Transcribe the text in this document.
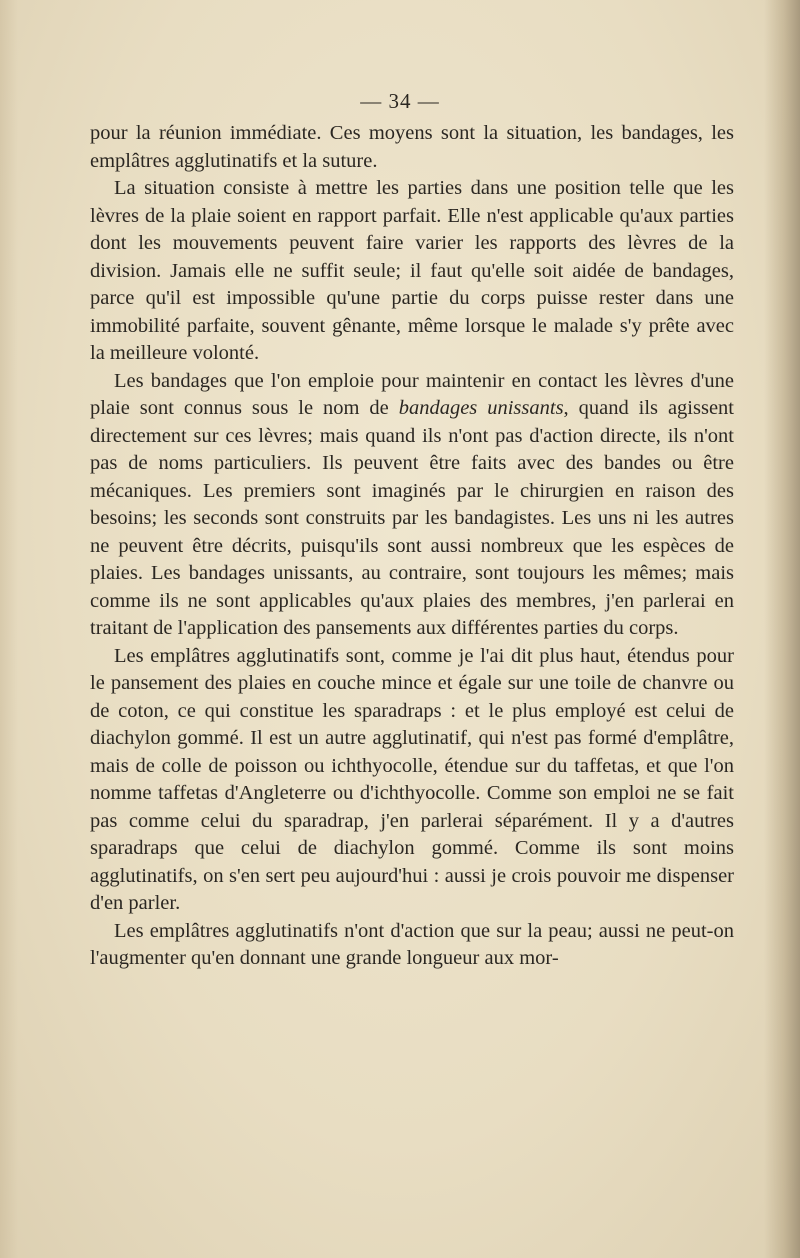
— 34 —

pour la réunion immédiate. Ces moyens sont la situation, les bandages, les emplâtres agglutinatifs et la suture.

La situation consiste à mettre les parties dans une position telle que les lèvres de la plaie soient en rapport parfait. Elle n'est applicable qu'aux parties dont les mouvements peuvent faire varier les rapports des lèvres de la division. Jamais elle ne suffit seule; il faut qu'elle soit aidée de bandages, parce qu'il est impossible qu'une partie du corps puisse rester dans une immobilité parfaite, souvent gênante, même lorsque le malade s'y prête avec la meilleure volonté.

Les bandages que l'on emploie pour maintenir en contact les lèvres d'une plaie sont connus sous le nom de bandages unissants, quand ils agissent directement sur ces lèvres; mais quand ils n'ont pas d'action directe, ils n'ont pas de noms particuliers. Ils peuvent être faits avec des bandes ou être mécaniques. Les premiers sont imaginés par le chirurgien en raison des besoins; les seconds sont construits par les bandagistes. Les uns ni les autres ne peuvent être décrits, puisqu'ils sont aussi nombreux que les espèces de plaies. Les bandages unissants, au contraire, sont toujours les mêmes; mais comme ils ne sont applicables qu'aux plaies des membres, j'en parlerai en traitant de l'application des pansements aux différentes parties du corps.

Les emplâtres agglutinatifs sont, comme je l'ai dit plus haut, étendus pour le pansement des plaies en couche mince et égale sur une toile de chanvre ou de coton, ce qui constitue les sparadraps : et le plus employé est celui de diachylon gommé. Il est un autre agglutinatif, qui n'est pas formé d'emplâtre, mais de colle de poisson ou ichthyocolle, étendue sur du taffetas, et que l'on nomme taffetas d'Angleterre ou d'ichthyocolle. Comme son emploi ne se fait pas comme celui du sparadrap, j'en parlerai séparément. Il y a d'autres sparadraps que celui de diachylon gommé. Comme ils sont moins agglutinatifs, on s'en sert peu aujourd'hui : aussi je crois pouvoir me dispenser d'en parler.

Les emplâtres agglutinatifs n'ont d'action que sur la peau; aussi ne peut-on l'augmenter qu'en donnant une grande longueur aux mor-
